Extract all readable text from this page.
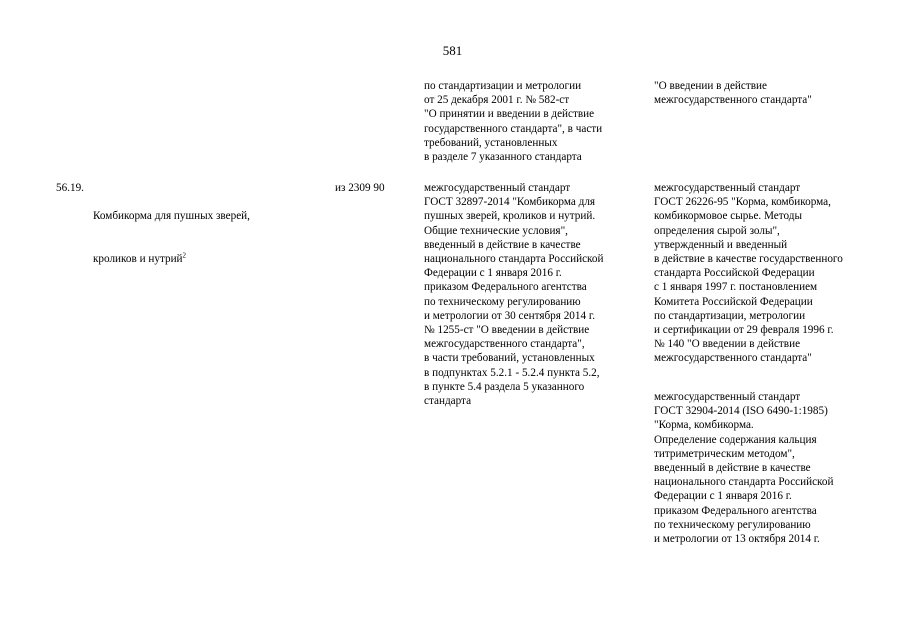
581
по стандартизации и метрологии
от 25 декабря 2001 г. № 582-ст
"О принятии и введении в действие
государственного стандарта", в части
требований, установленных
в разделе 7 указанного стандарта
"О введении в действие
межгосударственного стандарта"
56.19.

Комбикорма для пушных зверей,

кроликов и нутрий$^2$

из 2309 90	межгосударственный стандарт
ГОСТ 32897-2014 "Комбикорма для
пушных зверей, кроликов и нутрий.
Общие технические условия",
введенный в действие в качестве
национального стандарта Российской
Федерации с 1 января 2016 г.
приказом Федерального агентства
по техническому регулированию
и метрологии от 30 сентября 2014 г.
№ 1255-ст "О введении в действие
межгосударственного стандарта",
в части требований, установленных
в подпунктах 5.2.1 - 5.2.4 пункта 5.2,
в пункте 5.4 раздела 5 указанного
стандарта
межгосударственный стандарт
ГОСТ 26226-95 "Корма, комбикорма,
комбикормовое сырье. Методы
определения сырой золы",
утвержденный и введенный
в действие в качестве государственного
стандарта Российской Федерации
с 1 января 1997 г. постановлением
Комитета Российской Федерации
по стандартизации, метрологии
и сертификации от 29 февраля 1996 г.
№ 140 "О введении в действие
межгосударственного стандарта"
межгосударственный стандарт
ГОСТ 32904-2014 (ISO 6490-1:1985)
"Корма, комбикорма.
Определение содержания кальция
титриметрическим методом",
введенный в действие в качестве
национального стандарта Российской
Федерации с 1 января 2016 г.
приказом Федерального агентства
по техническому регулированию
и метрологии от 13 октября 2014 г.
